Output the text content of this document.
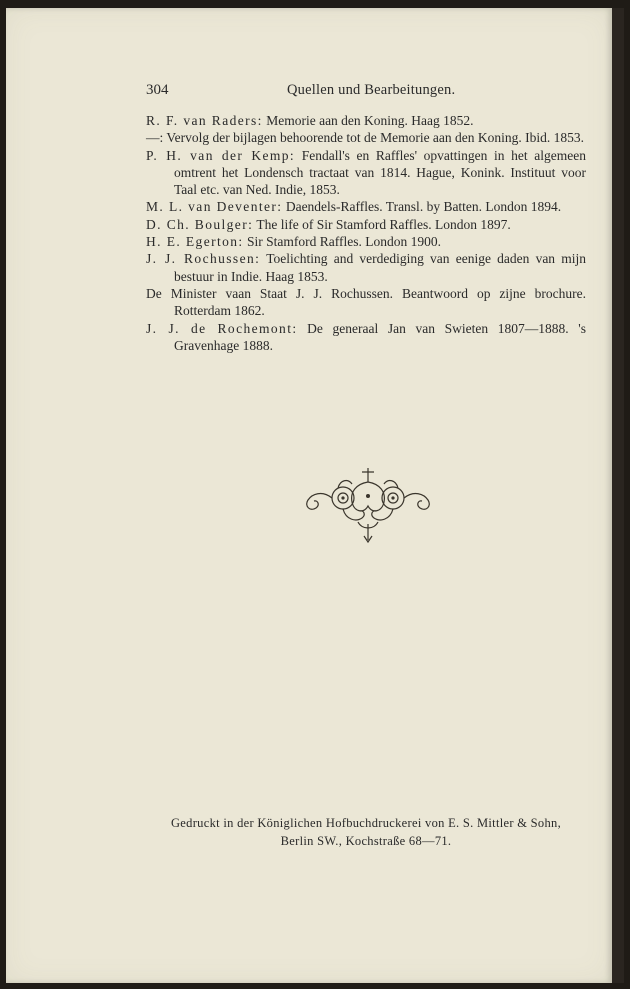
304	Quellen und Bearbeitungen.

R. F. van Raders: Memorie aan den Koning. Haag 1852.
—: Vervolg der bijlagen behoorende tot de Memorie aan den Koning. Ibid. 1853.
P. H. van der Kemp: Fendall's en Raffles' opvattingen in het algemeen omtrent het Londensch tractaat van 1814. Hague, Konink. Instituut voor Taal etc. van Ned. Indie, 1853.
M. L. van Deventer: Daendels-Raffles. Transl. by Batten. London 1894.
D. Ch. Boulger: The life of Sir Stamford Raffles. London 1897.
H. E. Egerton: Sir Stamford Raffles. London 1900.
J. J. Rochussen: Toelichting and verdediging van eenige daden van mijn bestuur in Indie. Haag 1853.
De Minister vaan Staat J. J. Rochussen. Beantwoord op zijne brochure. Rotterdam 1862.
J. J. de Rochemont: De generaal Jan van Swieten 1807—1888. 's Gravenhage 1888.
Gedruckt in der Königlichen Hofbuchdruckerei von E. S. Mittler & Sohn,
Berlin SW., Kochstraße 68—71.
